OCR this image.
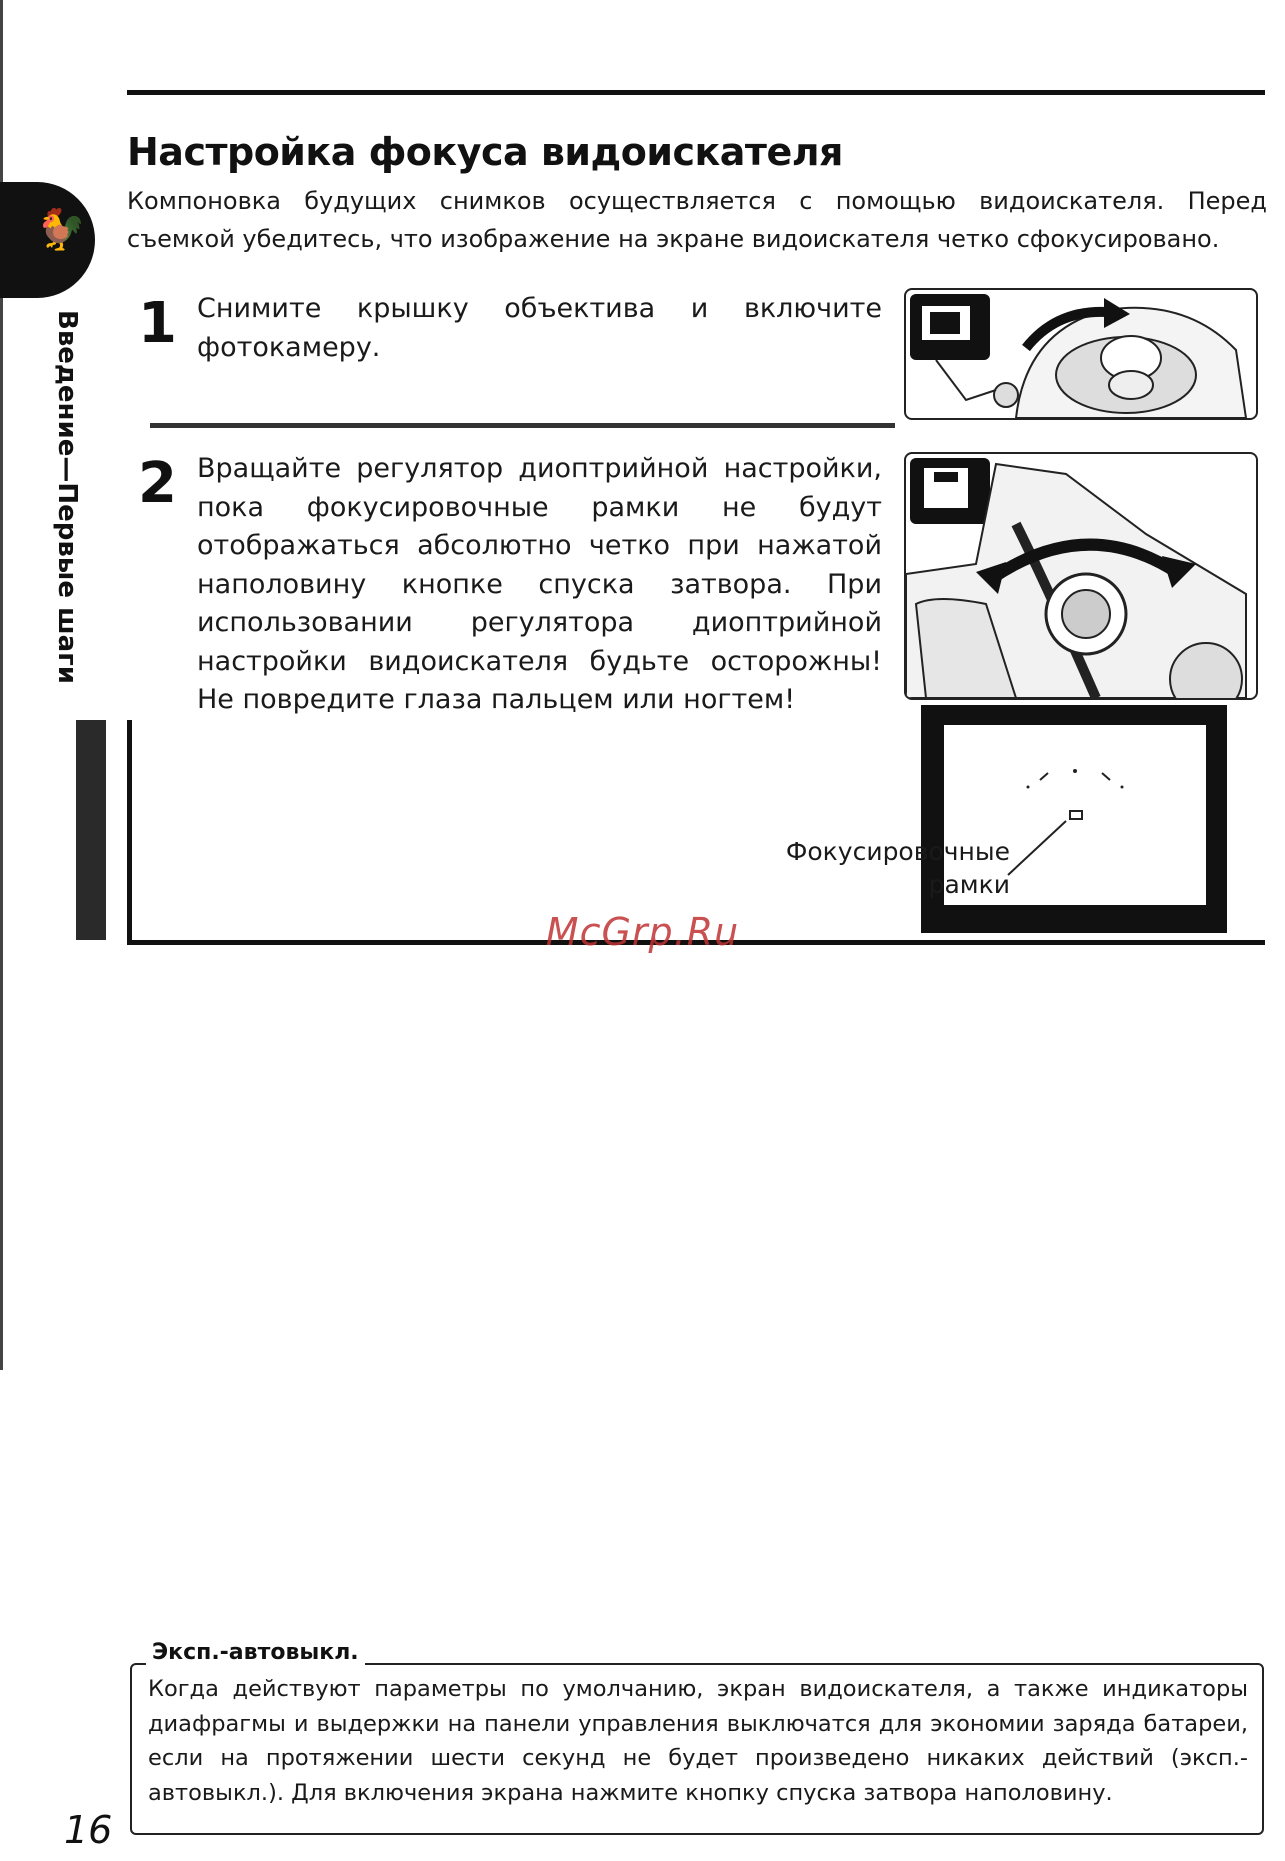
Настройка фокуса видоискателя

Компоновка будущих снимков осуществляется с помощью видоискателя. Перед съемкой убедитесь, что изображение на экране видоискателя четко сфокусировано.

🐓
Введение—Первые шаги 1 Снимите крышку объектива и включите фотокамеру.

2 Вращайте регулятор диоптрийной настройки, пока фокусировочные рамки не будут отображаться абсолютно четко при нажатой наполовину кнопке спуска затвора. При использовании регулятора диоптрийной настройки видоискателя будьте осторожны! Не повредите глаза пальцем или ногтем!

Фокусировочные рамки
McGrp.Ru
Эксп.-автовыкл.

Когда действуют параметры по умолчанию, экран видоискателя, а также индикаторы диафрагмы и выдержки на панели управления выключатся для экономии заряда батареи, если на протяжении шести секунд не будет произведено никаких действий (эксп.-автовыкл.). Для включения экрана нажмите кнопку спуска затвора наполовину.

16
